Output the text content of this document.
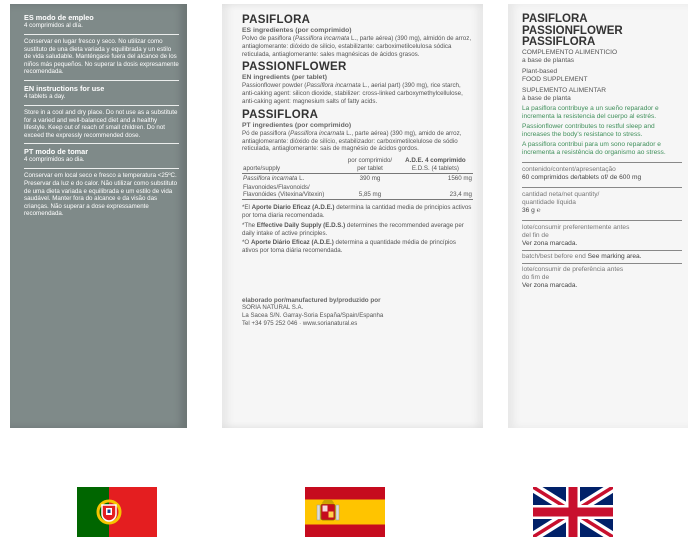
ES modo de empleo
4 comprimidos al día.
Conservar en lugar fresco y seco. No utilizar como sustituto de una dieta variada y equilibrada y un estilo de vida saludable. Manténgase fuera del alcance de los niños más pequeños. No superar la dosis expresamente recomendada.
EN instructions for use
4 tablets a day.
Store in a cool and dry place. Do not use as a substitute for a varied and well-balanced diet and a healthy lifestyle. Keep out of reach of small children. Do not exceed the expressly recommended dose.
PT modo de tomar
4 comprimidos ao dia.
Conservar em local seco e fresco a temperatura <25ºC. Preservar da luz e do calor. Não utilizar como substituto de uma dieta variada e equilibrada e um estilo de vida saudável. Manter fora do alcance e da visão das crianças. Não superar a dose expressamente recomendada.
PASIFLORA
ES ingredientes (por comprimido)
Polvo de pasiflora (Passiflora incarnata L., parte aérea) (390 mg), almidón de arroz, antiaglomerante: dióxido de silicio, estabilizante: carboximetilcelulosa sódica reticulada, antiaglomerante: sales magnésicas de ácidos grasos.
PASSIONFLOWER
EN ingredients (per tablet)
Passionflower powder (Passiflora incarnata L., aerial part) (390 mg), rice starch, anti-caking agent: silicon dioxide, stabilizer: cross-linked carboxymethylcellulose, anti-caking agent: magnesium salts of fatty acids.
PASSIFLORA
PT ingredientes (por comprimido)
Pó de passiflora (Passiflora incarnata L., parte aérea) (390 mg), amido de arroz, antiaglomerante: dióxido de silício, estabilizador: carboximetilcelulose de sódio reticulada, antiaglomerante: sais de magnésio de ácidos gordos.
aporte/supply	por comprimido/
per tablet	A.D.E. 4 comprimido
E.D.S. (4 tablets)
Passiflora incarnata L.	390 mg	1560 mg
Flavonoides/Flavonoids/
Flavonóides (Vitexina/Vitexin)	5,85 mg	23,4 mg
*El Aporte Diario Eficaz (A.D.E.) determina la cantidad media de principios activos por toma diaria recomendada.
*The Effective Daily Supply (E.D.S.) determines the recommended average per daily intake of active principles.
*O Aporte Diário Eficaz (A.D.E.) determina a quantidade média de princípios ativos por toma diária recomendada.
elaborado por/manufactured by/produzido por
SORIA NATURAL S.A.
La Sacea S/N. Garray-Soria España/Spain/Espanha
Tel +34 975 252 046 · www.sorianatural.es
PASIFLORA
PASSIONFLOWER
PASSIFLORA
COMPLEMENTO ALIMENTICIO
a base de plantas
Plant-based
FOOD SUPPLEMENT
SUPLEMENTO ALIMENTAR
à base de planta
La pasiflora contribuye a un sueño reparador e incrementa la resistencia del cuerpo al estrés.
Passionflower contributes to restful sleep and increases the body's resistance to stress.
A passiflora contribui para um sono reparador e incrementa a resistência do organismo ao stress.
contenido/content/apresentação
60 comprimidos de/tablets of/ de 600 mg
cantidad neta/net quantity/
quantidade líquida
36 g ℮
lote/consumir preferentemente antes
del fin de
Ver zona marcada.
batch/best before end See marking area.
lote/consumir de preferência antes
do fim de
Ver zona marcada.
